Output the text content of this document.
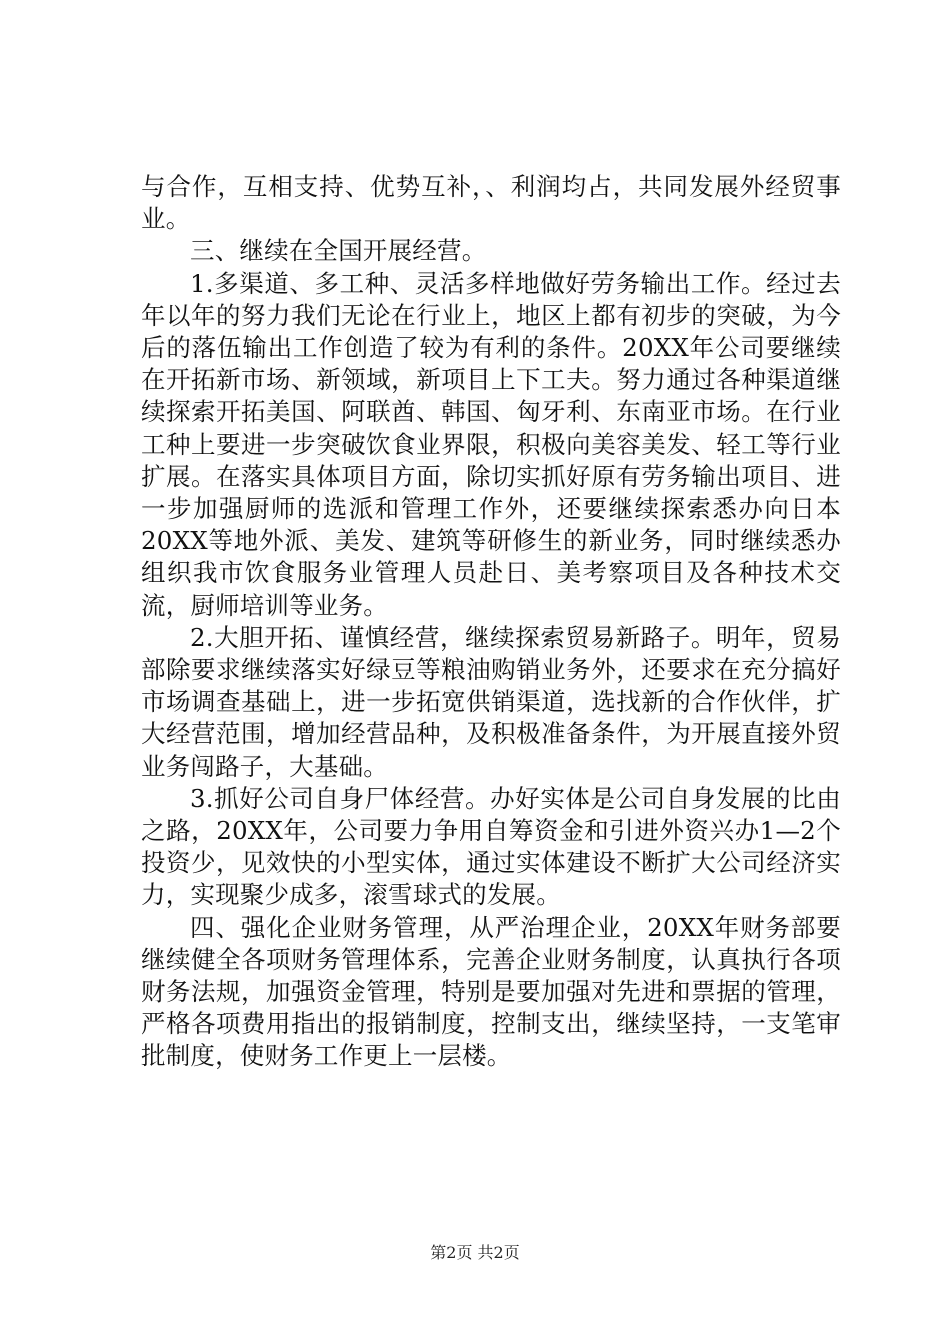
与合作，互相支持、优势互补，、利润均占，共同发展外经贸事业。

三、继续在全国开展经营。

1.多渠道、多工种、灵活多样地做好劳务输出工作。经过去年以年的努力我们无论在行业上，地区上都有初步的突破，为今后的落伍输出工作创造了较为有利的条件。20XX年公司要继续在开拓新市场、新领域，新项目上下工夫。努力通过各种渠道继续探索开拓美国、阿联酋、韩国、匈牙利、东南亚市场。在行业工种上要进一步突破饮食业界限，积极向美容美发、轻工等行业扩展。在落实具体项目方面，除切实抓好原有劳务输出项目、进一步加强厨师的选派和管理工作外，还要继续探索悉办向日本20XX等地外派、美发、建筑等研修生的新业务，同时继续悉办组织我市饮食服务业管理人员赴日、美考察项目及各种技术交流，厨师培训等业务。

2.大胆开拓、谨慎经营，继续探索贸易新路子。明年，贸易部除要求继续落实好绿豆等粮油购销业务外，还要求在充分搞好市场调查基础上，进一步拓宽供销渠道，选找新的合作伙伴，扩大经营范围，增加经营品种，及积极准备条件，为开展直接外贸业务闯路子，大基础。

3.抓好公司自身尸体经营。办好实体是公司自身发展的比由之路，20XX年，公司要力争用自筹资金和引进外资兴办1—2个投资少，见效快的小型实体，通过实体建设不断扩大公司经济实力，实现聚少成多，滚雪球式的发展。

四、强化企业财务管理，从严治理企业，20XX年财务部要继续健全各项财务管理体系，完善企业财务制度，认真执行各项财务法规，加强资金管理，特别是要加强对先进和票据的管理，严格各项费用指出的报销制度，控制支出，继续坚持，一支笔审批制度，使财务工作更上一层楼。

第2页 共2页
